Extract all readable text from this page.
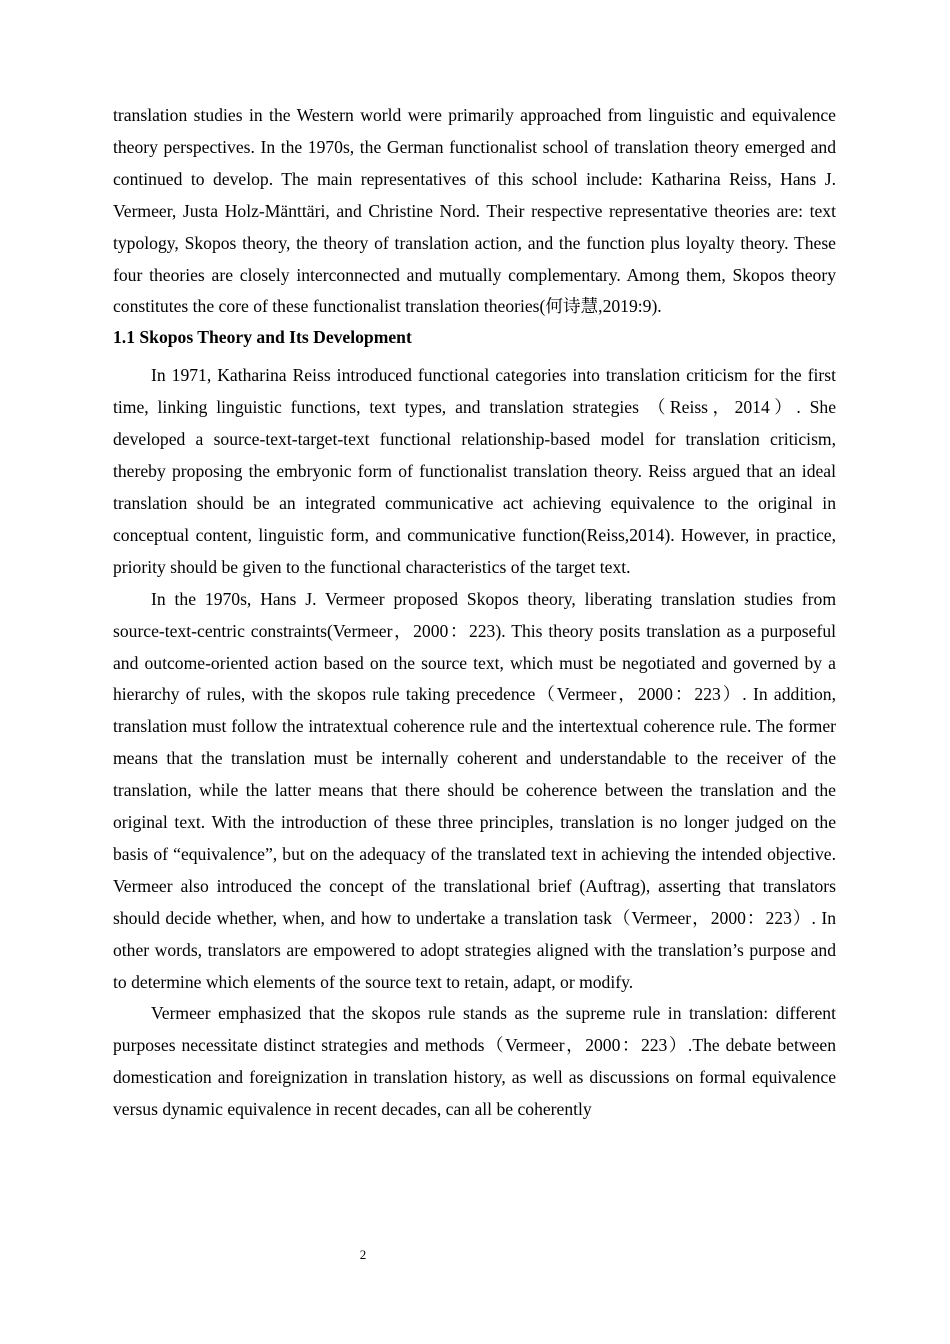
translation studies in the Western world were primarily approached from linguistic and equivalence theory perspectives. In the 1970s, the German functionalist school of translation theory emerged and continued to develop. The main representatives of this school include: Katharina Reiss, Hans J. Vermeer, Justa Holz-Mänttäri, and Christine Nord. Their respective representative theories are: text typology, Skopos theory, the theory of translation action, and the function plus loyalty theory. These four theories are closely interconnected and mutually complementary. Among them, Skopos theory constitutes the core of these functionalist translation theories(何诗慧,2019:9).

1.1 Skopos Theory and Its Development

In 1971, Katharina Reiss introduced functional categories into translation criticism for the first time, linking linguistic functions, text types, and translation strategies （Reiss，2014）. She developed a source-text-target-text functional relationship-based model for translation criticism, thereby proposing the embryonic form of functionalist translation theory. Reiss argued that an ideal translation should be an integrated communicative act achieving equivalence to the original in conceptual content, linguistic form, and communicative function(Reiss,2014). However, in practice, priority should be given to the functional characteristics of the target text.

In the 1970s, Hans J. Vermeer proposed Skopos theory, liberating translation studies from source-text-centric constraints(Vermeer，2000：223). This theory posits translation as a purposeful and outcome-oriented action based on the source text, which must be negotiated and governed by a hierarchy of rules, with the skopos rule taking precedence（Vermeer，2000：223）. In addition, translation must follow the intratextual coherence rule and the intertextual coherence rule. The former means that the translation must be internally coherent and understandable to the receiver of the translation, while the latter means that there should be coherence between the translation and the original text. With the introduction of these three principles, translation is no longer judged on the basis of “equivalence”, but on the adequacy of the translated text in achieving the intended objective. Vermeer also introduced the concept of the translational brief (Auftrag), asserting that translators should decide whether, when, and how to undertake a translation task（Vermeer，2000：223）. In other words, translators are empowered to adopt strategies aligned with the translation’s purpose and to determine which elements of the source text to retain, adapt, or modify.

Vermeer emphasized that the skopos rule stands as the supreme rule in translation: different purposes necessitate distinct strategies and methods（Vermeer，2000：223）.The debate between domestication and foreignization in translation history, as well as discussions on formal equivalence versus dynamic equivalence in recent decades, can all be coherently

2
